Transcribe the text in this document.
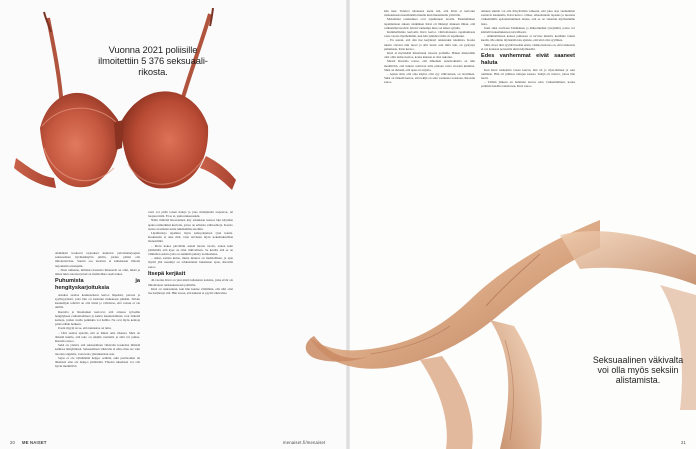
Vuonna 2021 poliisille ilmoitettiin 5 376 seksuaali-rikosta.

Alaikäisiä koskevat tarjoukset kuuluvat palveluntarjoajien seksuaalisen hyväksikäytön piiriin, joiden pitäisi olla ilmoitettavissa. Suurin osa nuorista ei kuitenkaan ilmoita tarjouksista eteenpäin.

– Siten nimenne, millaisia haastetta ilmenevät on ollut, mistä ja miten lukio nuorisotyössä on mahdollista saada tukea.

Puhumista ja hengityskarjoituksia

Asiakas saattaa keskustelussa kertoa häpeästä, pelosta ja syyllisyydestä, joita hän on kantanut mukanaan pitkään. Silloin kuuntelijan tehtävä on olla läsnä ja vahvistaa, että vastuu ei ole uhrilla.

Ruotsila ja Ruutiainen kertovat, että omassa työssään hengityksen rauhoittaminen ja kehon kuunteleminen ovat tärkeitä keinoja, joiden avulla paniikkia voi hallita. Ne ovat myös keinoja palata tähän hetkeen.

Usein myyjä on se, että tunnustaa on tuttu.

– Uhri saattaa ajatella, että se hänen oma vikansa. Siksi on tärkeää kuulla, että teko on tekijän vastuulla ja siitä voi puhua, Ruotsila sanoo.

Sekä on yleistä, että seksuaalinen väkivalta koskettaa ihmisiä kaikissa ikäryhmissä. Seksuaalinen väkivalta ei näin ollen ole vain nuorten ongelma, vaan koko yhteiskunnan asia.

Sajaa ei ole välttämättä helppo selittää, eikä puolisoiden tai läheisten aina ole helppo ymmärtää. Yhteisö tukemaan voi olla hyvin merkittävä.

vesti voi pitää toisen haluja ja joko mielipiteitä tarpeeton, tai luopuu niistä. Ei se ei, painostuksessakin.

Näitä ilmiöitä Ruotsiainen käy asiakkaan kanssa läpi käyttäen apuna esimerkiksi kuvioita, joissa on erilaisia vaihtoehtoja. Kaavio auttaa avaamaan uusia näkökulmia asioihin.

Läpimurtoja tapahtuu myös kehopohjaisen työn kautta. Keskustelu ei aina riitä, vaan tarvitaan myös kokemuksellisia menetelmiä.

– Moni kokee pärvittäin seksiä monta vuotta, ennen kuin ymmärtää, että kyse on ollut väkivallasta. Se kestää, että se on vähitellen asioita joita on aiemmin pidetty normaaleina.

– Aikaa saattaa kulua, mutta muutos on mahdollinen, ja ajan myötä yhä useampi on rohkaistunut hakemaan apua, Ruotsila sanoo.

Itsepä kerjäsit

40-vuotias Kirsi on yksi niistä tuhansista naisista, jotka eivät ole ilmoittaneet raiskauksestaan poliisille.

Kirsi on tuskastunut, kun hän kuulee väittämän, että uhri olisi itse kerjännyt sitä. Hän toteaa, että kukaan ei pyydä väkivaltaa.

hän tiesi. Tuntuvi tuloksena usein sitä, että Kirsi ei kertonut raiskauksesta kenellekään muulle kuin muutamalle ystävälle.

Molemmat raiskaukset ovat tapahtuneet lavalla. Ensimmäinen tapahtumaan aikaan alaikäinen Kirsi oli lähtenyt mukaan ilman, että vanhemmat tiesivät. Kirsiä vanhempi mies vei hänet syrjään.

Kummallisinta kertoalla Kirsi kertoo väkivaltaisesta tapahtumasta vasta vuosia myöhemmin, kun hän ymmärsi mitä oli tapahtunut.

– En saanut, että olin itse kerjännyt raiskatuksi tulemista. Koska tunsin olevani niin nuori ja silti tiesin osin mitä tein, en pystynyt puhumaan, Kirsi kertoo.

Kirsi ei myöskään ilmoittanut toisesta poliisille. Hänen mielestään olisi ollut turhaa kertoa, koska kukaan ei olisi uskonut.

Maarit Ruotsila toteaa, että lähteinen ennaivokistila on niin merkittävä, että tunteet saattavat tulla pintaan vasta vuosien kuluttua. Siksi on tärkeää, että apua on tarjolla.

– Ajatus siitä, että oma käytös olisi syy väkivaltaan, on tavallinen. Siksi on tärkeää kertoa, että tekijä on aina vastuussa teoistaan, Ruotsila sanoo.

Alkuun sinulle voi olla hävyttömän vaikeata, että joku otaa vanhemmat saattavat kuunnella, Kirsi kertoo. Omaa, aiheuttaneita lapsuus ja nuoruus vanhemmilla epäonnistuminen tuntee, että se on vaiennut myöhemmän lasta.

Juuri siksi tarvitaan Tuhmainen ja Riksomiehän työryhmiä, joissa voi käsitellä kokemuksiaan turvallisesti.

– Ammattilaisen kanssa puhuessa ei tarvitse miettiä, kestääkö toinen kuulla. Me emme myöskään istu ajattele, että uhri olisi syyllinen.

Sihti, mooi uhri syyttää itseään ensin, vaikka tiedossa on, että raiskausta ei voi koskaan perustella uhrin käytöksellä.

Edes vanhemmat eivät saaneet haluta

Kun Kirsi raiskattiin toisen kerran, hän oli jo täysi-ikäinen ja asui omillaan. Hän oli juhlissa tuttujen kanssa. Tekijä oli tuttava, johon hän luotti.

– Tämän jälkeen en halunnut kertoa edes vanhemmilleni, koska pelkäsin heidän reaktiotaan, Kirsi sanoo.

Seksuaalinen väkivalta voi olla myös seksiin alistamista.
20 ME NAISET	menaiset.fi/menaiset	21
